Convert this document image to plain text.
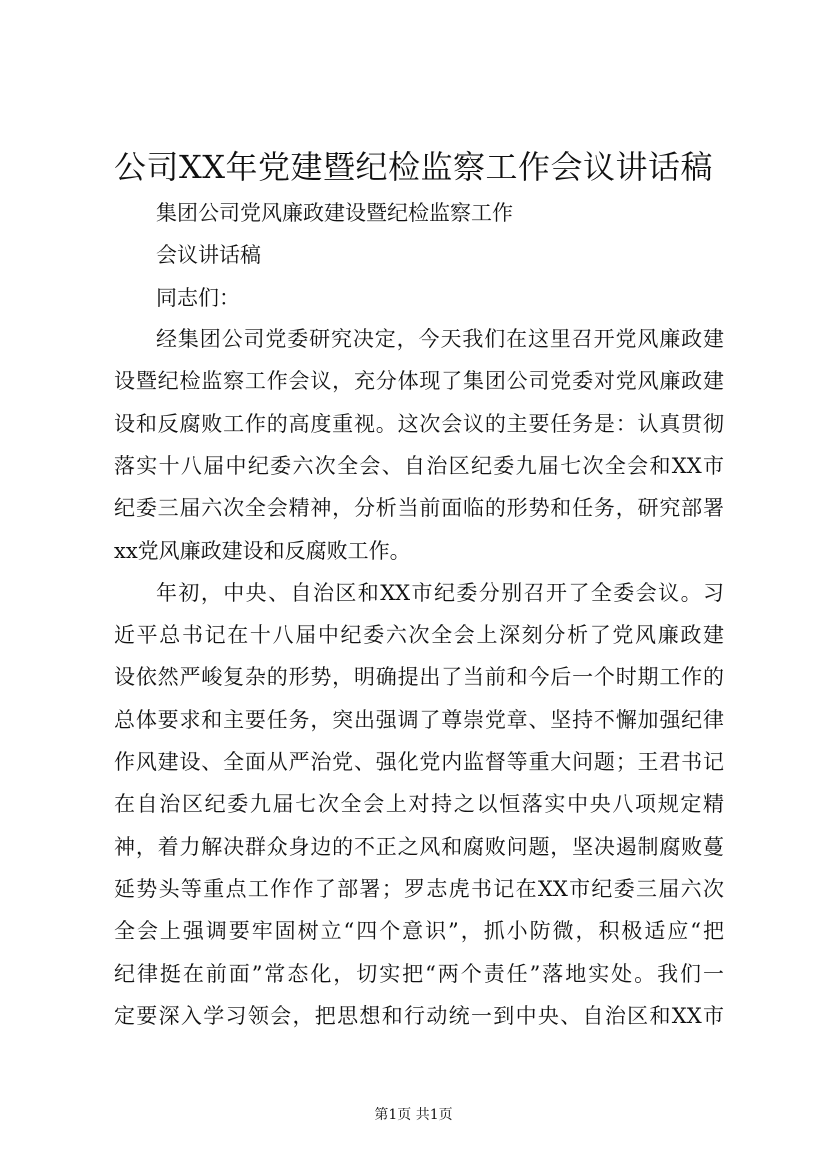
公司XX年党建暨纪检监察工作会议讲话稿
集团公司党风廉政建设暨纪检监察工作
会议讲话稿
同志们：
经集团公司党委研究决定，今天我们在这里召开党风廉政建
设暨纪检监察工作会议，充分体现了集团公司党委对党风廉政建
设和反腐败工作的高度重视。这次会议的主要任务是：认真贯彻
落实十八届中纪委六次全会、自治区纪委九届七次全会和XX市
纪委三届六次全会精神，分析当前面临的形势和任务，研究部署
xx党风廉政建设和反腐败工作。
年初，中央、自治区和XX市纪委分别召开了全委会议。习
近平总书记在十八届中纪委六次全会上深刻分析了党风廉政建
设依然严峻复杂的形势，明确提出了当前和今后一个时期工作的
总体要求和主要任务，突出强调了尊崇党章、坚持不懈加强纪律
作风建设、全面从严治党、强化党内监督等重大问题；王君书记
在自治区纪委九届七次全会上对持之以恒落实中央八项规定精
神，着力解决群众身边的不正之风和腐败问题，坚决遏制腐败蔓
延势头等重点工作作了部署；罗志虎书记在XX市纪委三届六次
全会上强调要牢固树立“四个意识”，抓小防微，积极适应“把
纪律挺在前面”常态化，切实把“两个责任”落地实处。我们一
定要深入学习领会，把思想和行动统一到中央、自治区和XX市
第1页 共1页
